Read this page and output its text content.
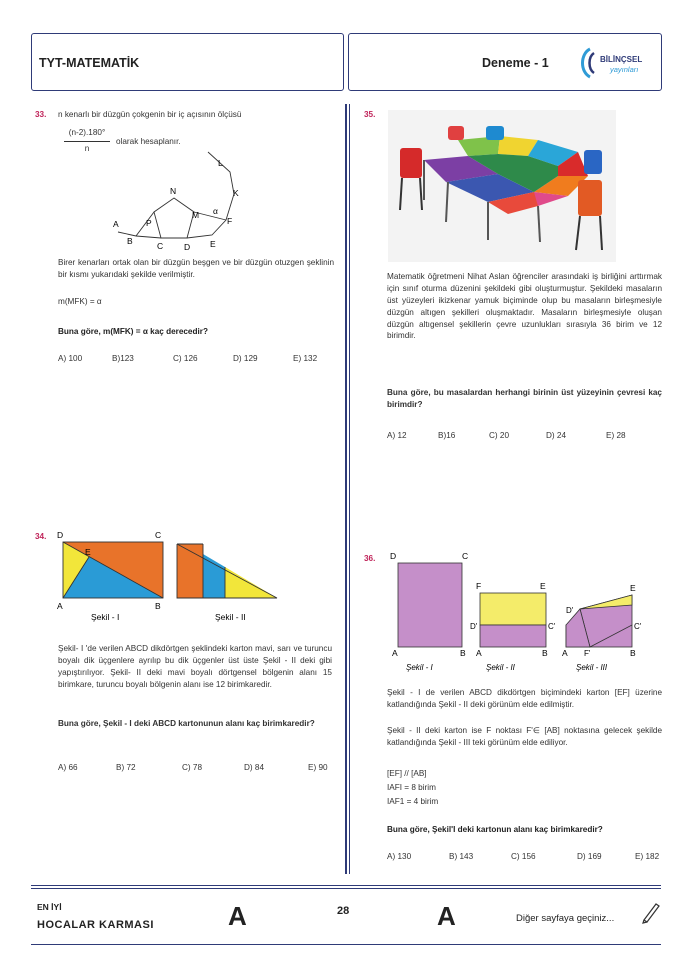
TYT-MATEMATİK	Deneme - 1	BİLİNÇSEL
yayınları
33. n kenarlı bir düzgün çokgenin bir iç açısının ölçüsü
(n-2).180°
n
olarak hesaplanır.
A
B	C D E
F
K
L
M
N
P
α
Birer kenarları ortak olan bir düzgün beşgen ve bir düzgün otuzgen şeklinin bir kısmı yukarıdaki şekilde verilmiştir.
m(MFK) = α
Buna göre, m(MFK) = α kaç derecedir?
A) 100	B)123	C) 126	D) 129	E) 132
34. D	C
A	B
E
Şekil - I	Şekil - II
Şekil- I 'de verilen ABCD dikdörtgen şeklindeki karton mavi, sarı ve turuncu boyalı dik üçgenlere ayrılıp bu dik üçgenler üst üste Şekil - II deki gibi yapıştırılıyor. Şekil- II deki mavi boyalı dörtgensel bölgenin alanı 15 birimkare, turuncu boyalı bölgenin alanı ise 12 birimkaredir.
Buna göre, Şekil - I deki ABCD kartonunun alanı kaç birimkaredir?
A) 66	B) 72	C) 78	D) 84	E) 90
35.
Matematik öğretmeni Nihat Aslan öğrenciler arasındaki iş birliğini arttırmak için sınıf oturma düzenini şekildeki gibi oluşturmuştur. Şekildeki masaların üst yüzeyleri ikizkenar yamuk biçiminde olup bu masaların birleşmesiyle düzgün altıgen şekilleri oluşmaktadır. Masaların birleşmesiyle oluşan düzgün altıgensel şekillerin çevre uzunlukları sırasıyla 36 birim ve 12 birimdir.
Buna göre, bu masalardan herhangi birinin üst yüzeyinin çevresi kaç birimdir?
A) 12	B)16	C) 20	D) 24	E) 28
36. D	C
A	B
Şekil - I
F	E
D'	C'
A	B
Şekil - II
E
D'
C'
A F'	B
Şekil - III
Şekil - I de verilen ABCD dikdörtgen biçimindeki karton [EF] üzerine katlandığında Şekil - II deki görünüm elde edilmiştir.
Şekil - II deki karton ise F noktası F'∈ [AB] noktasına gelecek şekilde katlandığında Şekil - III teki görünüm elde ediliyor.
[EF] // [AB]
IAFI = 8 birim
IAF1 = 4 birim
Buna göre, Şekil'I deki kartonun alanı kaç birimkaredir?
A) 130	B) 143	C) 156	D) 169	E) 182
EN İYİ
HOCALAR KARMASI	A	28	A	Diğer sayfaya geçiniz...
